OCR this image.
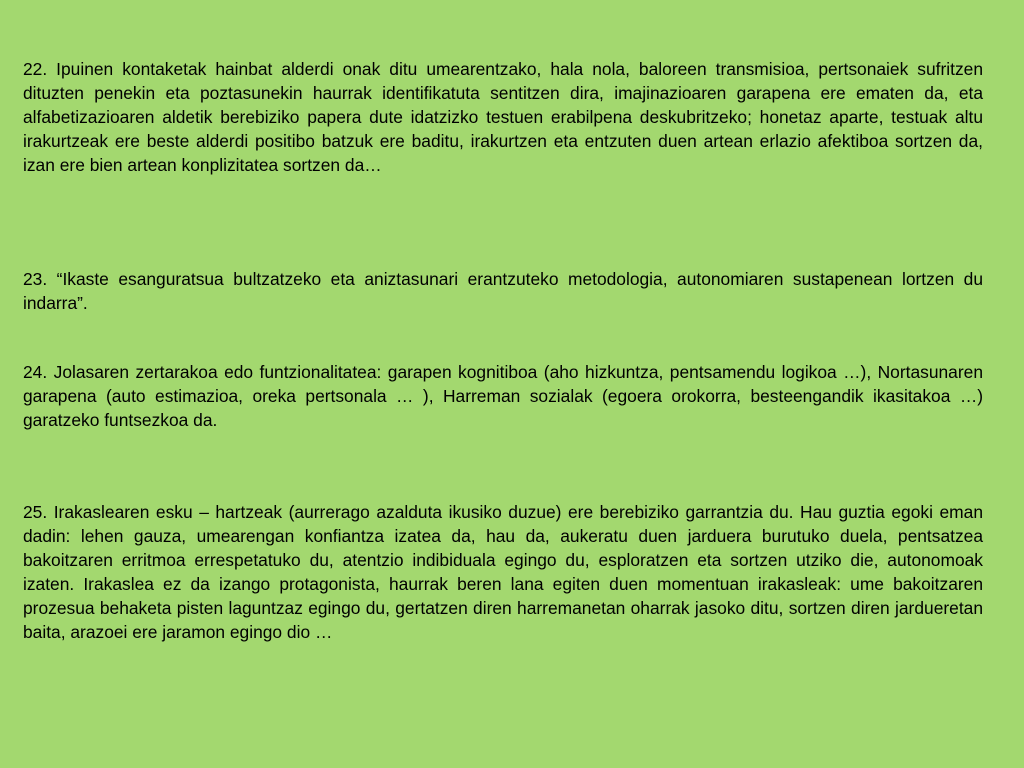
22. Ipuinen kontaketak hainbat alderdi onak ditu umearentzako, hala nola, baloreen transmisioa, pertsonaiek sufritzen dituzten penekin eta poztasunekin haurrak identifikatuta sentitzen dira, imajinazioaren garapena ere ematen da, eta alfabetizazioaren aldetik berebiziko papera dute idatzizko testuen erabilpena deskubritzeko; honetaz aparte, testuak altu irakurtzeak ere beste alderdi positibo batzuk ere baditu, irakurtzen eta entzuten duen artean erlazio afektiboa sortzen da, izan ere bien artean konplizitatea sortzen da…

23. “Ikaste esanguratsua bultzatzeko eta aniztasunari erantzuteko metodologia, autonomiaren sustapenean lortzen du indarra”.

24. Jolasaren zertarakoa edo funtzionalitatea: garapen kognitiboa (aho hizkuntza, pentsamendu logikoa …), Nortasunaren garapena (auto estimazioa, oreka pertsonala … ), Harreman sozialak (egoera orokorra, besteengandik ikasitakoa …) garatzeko funtsezkoa da.

25. Irakaslearen esku – hartzeak (aurrerago azalduta ikusiko duzue) ere berebiziko garrantzia du. Hau guztia egoki eman dadin: lehen gauza, umearengan konfiantza izatea da, hau da, aukeratu duen jarduera burutuko duela, pentsatzea bakoitzaren erritmoa errespetatuko du, atentzio indibiduala egingo du, esploratzen eta sortzen utziko die, autonomoak izaten. Irakaslea ez da izango protagonista, haurrak beren lana egiten duen momentuan irakasleak: ume bakoitzaren prozesua behaketa pisten laguntzaz egingo du, gertatzen diren harremanetan oharrak jasoko ditu, sortzen diren jardueretan baita, arazoei ere jaramon egingo dio …
